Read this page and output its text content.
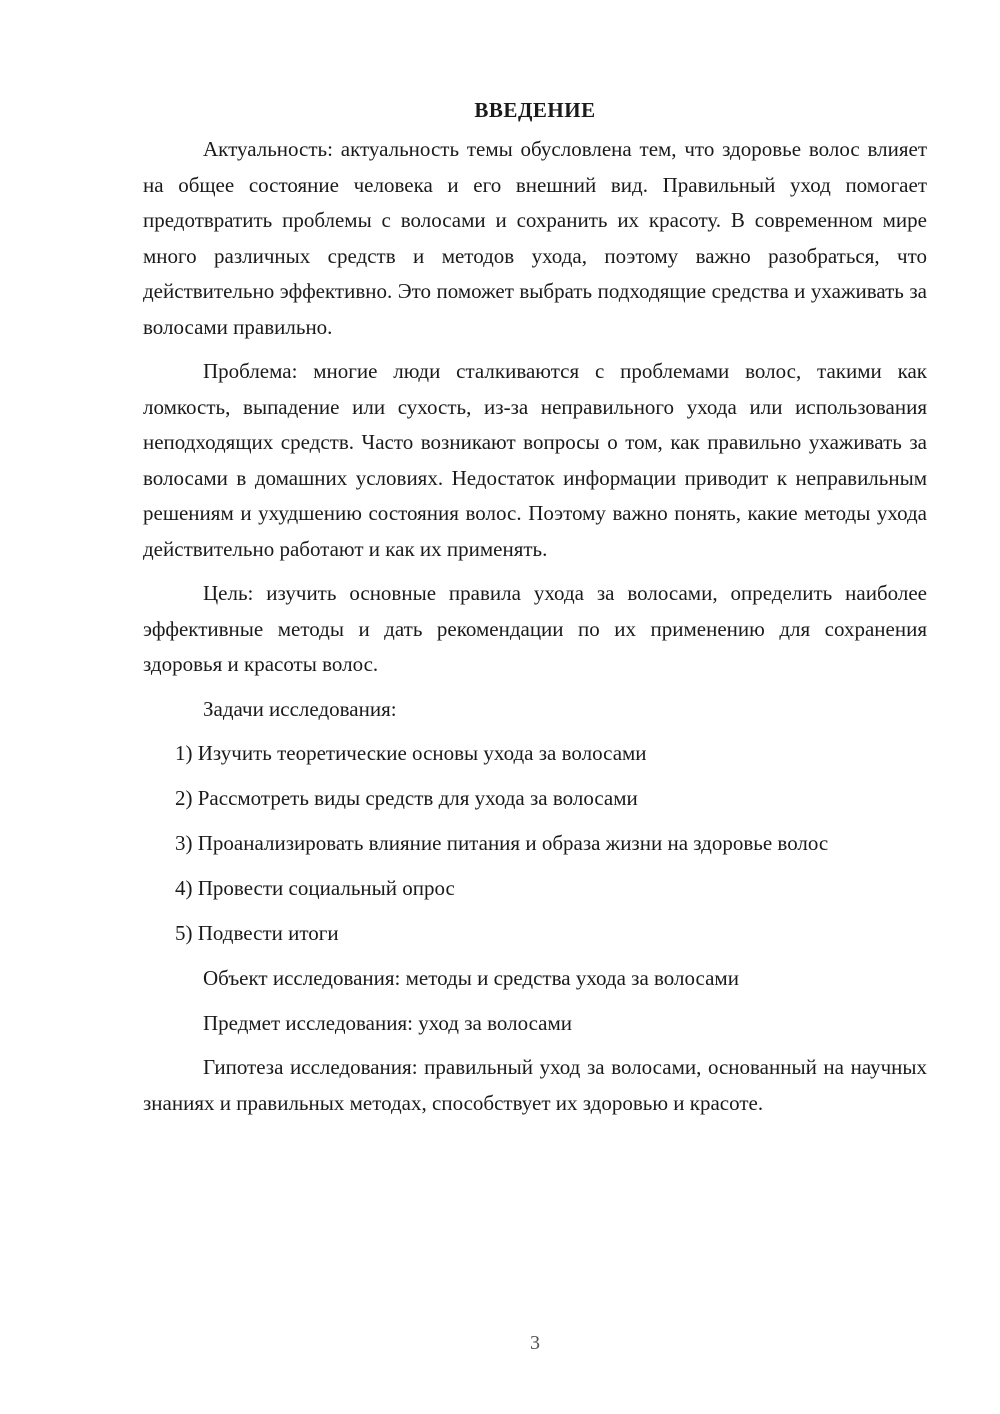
ВВЕДЕНИЕ

Актуальность: актуальность темы обусловлена тем, что здоровье волос влияет на общее состояние человека и его внешний вид. Правильный уход помогает предотвратить проблемы с волосами и сохранить их красоту. В современном мире много различных средств и методов ухода, поэтому важно разобраться, что действительно эффективно. Это поможет выбрать подходящие средства и ухаживать за волосами правильно.

Проблема: многие люди сталкиваются с проблемами волос, такими как ломкость, выпадение или сухость, из-за неправильного ухода или использования неподходящих средств. Часто возникают вопросы о том, как правильно ухаживать за волосами в домашних условиях. Недостаток информации приводит к неправильным решениям и ухудшению состояния волос. Поэтому важно понять, какие методы ухода действительно работают и как их применять.

Цель: изучить основные правила ухода за волосами, определить наиболее эффективные методы и дать рекомендации по их применению для сохранения здоровья и красоты волос.

Задачи исследования:

1) Изучить теоретические основы ухода за волосами

2) Рассмотреть виды средств для ухода за волосами

3) Проанализировать влияние питания и образа жизни на здоровье волос

4) Провести социальный опрос

5) Подвести итоги

Объект исследования: методы и средства ухода за волосами

Предмет исследования: уход за волосами

Гипотеза исследования: правильный уход за волосами, основанный на научных знаниях и правильных методах, способствует их здоровью и красоте.

3
